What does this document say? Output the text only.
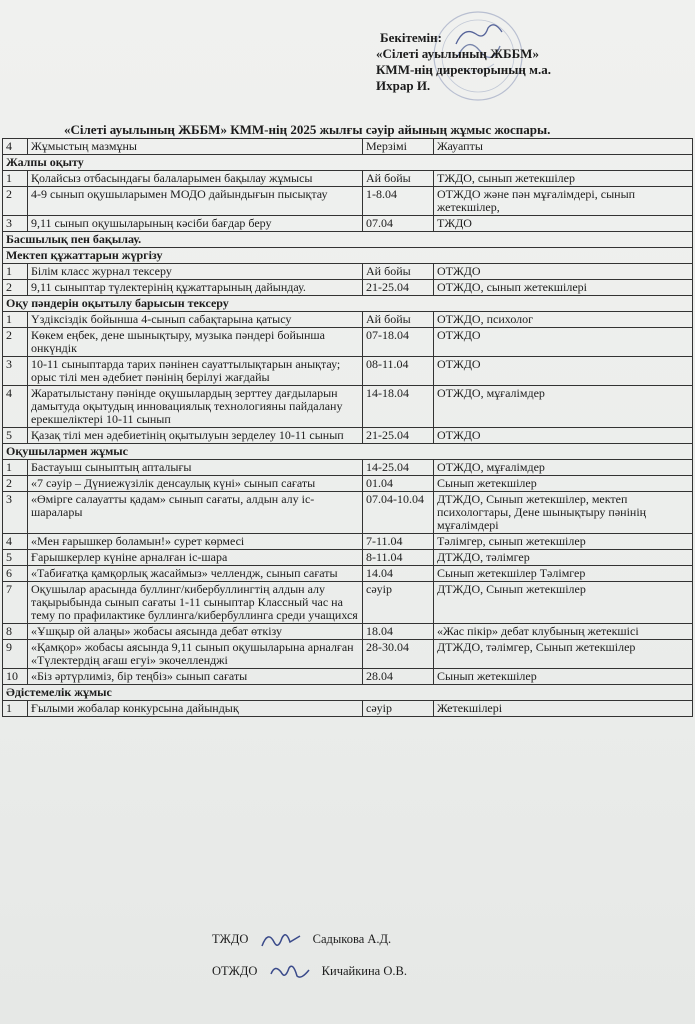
Бекітемін:
«Сілеті ауылының ЖББМ»
КММ-нің директорының м.а.
Ихрар И.
«Сілеті ауылының ЖББМ» КММ-нің 2025 жылғы сәуір айының жұмыс жоспары.
4	Жұмыстың мазмұны	Мерзімі	Жауапты
Жалпы оқыту			
1	Қолайсыз отбасындағы балаларымен бақылау жұмысы	Ай бойы	ТЖДО, сынып жетекшілер
2	4-9 сынып оқушыларымен МОДО дайындығын пысықтау	1-8.04	ОТЖДО және пән мұғалімдері, сынып жетекшілер,
3	9,11 сынып оқушыларының кәсіби бағдар беру	07.04	ТЖДО
Басшылық пен бақылау.			
Мектеп құжаттарын жүргізу			
1	Білім класс журнал тексеру	Ай бойы	ОТЖДО
2	9,11 сыныптар түлектерінің құжаттарының дайындау.	21-25.04	ОТЖДО, сынып жетекшілері
Оқу пәндерін оқытылу барысын тексеру			
1	Үздіксіздік бойынша 4-сынып сабақтарына қатысу	Ай бойы	ОТЖДО, психолог
2	Көкем еңбек, дене шынықтыру, музыка пәндері бойынша онкүндік	07-18.04	ОТЖДО
3	10-11 сыныптарда тарих пәнінен сауаттылықтарын анықтау; орыс тілі мен әдебиет пәнінің берілуі жағдайы	08-11.04	ОТЖДО
4	Жаратылыстану пәнінде оқушылардың зерттеу дағдыларын дамытуда оқытудың инновациялық технологияны пайдалану ерекшеліктері 10-11 сынып	14-18.04	ОТЖДО, мұғалімдер
5	Қазақ тілі мен әдебиетінің оқытылуын зерделеу 10-11 сынып	21-25.04	ОТЖДО
Оқушылармен жұмыс			
1	Бастауыш сыныптың апталығы	14-25.04	ОТЖДО, мұғалімдер
2	«7 сәуір – Дүниежүзілік денсаулық күні» сынып сағаты	01.04	Сынып жетекшілер
3	«Өмірге салауатты қадам» сынып сағаты, алдын алу іс-шаралары	07.04-10.04	ДТЖДО, Сынып жетекшілер, мектеп психологтары, Дене шынықтыру пәнінің мұғалімдері
4	«Мен ғарышкер боламын!» сурет көрмесі	7-11.04	Тәлімгер, сынып жетекшілер
5	Ғарышкерлер күніне арналған іс-шара	8-11.04	ДТЖДО, тәлімгер
6	«Табиғатқа қамқорлық жасаймыз» челлендж, сынып сағаты	14.04	Сынып жетекшілер Тәлімгер
7	Оқушылар арасында буллинг/кибербуллингтің алдын алу тақырыбында сынып сағаты 1-11 сыныптар Классный час на тему по прафилактике буллинга/кибербуллинга среди учащихся	сәуір	ДТЖДО, Сынып жетекшілер
8	«Ұшқыр ой алаңы» жобасы аясында дебат өткізу	18.04	«Жас пікір» дебат клубының жетекшісі
9	«Қамқор» жобасы аясында 9,11 сынып оқушыларына арналған «Түлектердің ағаш егуі» экочелленджі	28-30.04	ДТЖДО, тәлімгер, Сынып жетекшілер
10	«Біз әртүрлиміз, бір теңбіз» сынып сағаты	28.04	Сынып жетекшілер
Әдістемелік жұмыс			
1	Ғылыми жобалар конкурсына дайындық	сәуір	Жетекшілері
ТЖДО	Садыкова А.Д.
ОТЖДО	Кичайкина О.В.
